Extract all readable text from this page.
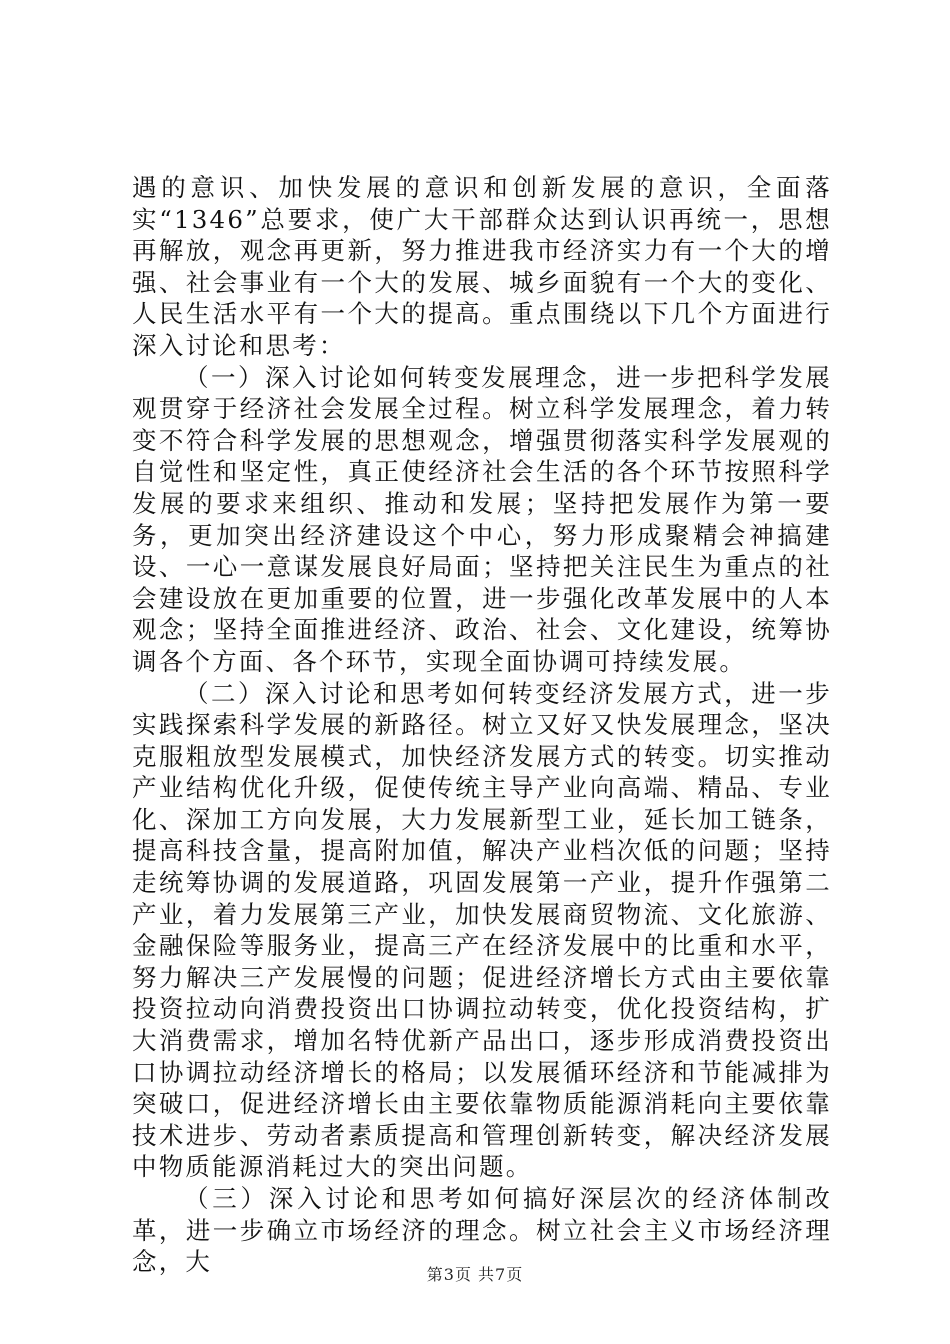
遇的意识、加快发展的意识和创新发展的意识，全面落实“1346”总要求，使广大干部群众达到认识再统一，思想再解放，观念再更新，努力推进我市经济实力有一个大的增强、社会事业有一个大的发展、城乡面貌有一个大的变化、人民生活水平有一个大的提高。重点围绕以下几个方面进行深入讨论和思考：

（一）深入讨论如何转变发展理念，进一步把科学发展观贯穿于经济社会发展全过程。树立科学发展理念，着力转变不符合科学发展的思想观念，增强贯彻落实科学发展观的自觉性和坚定性，真正使经济社会生活的各个环节按照科学发展的要求来组织、推动和发展；坚持把发展作为第一要务，更加突出经济建设这个中心，努力形成聚精会神搞建设、一心一意谋发展良好局面；坚持把关注民生为重点的社会建设放在更加重要的位置，进一步强化改革发展中的人本观念；坚持全面推进经济、政治、社会、文化建设，统筹协调各个方面、各个环节，实现全面协调可持续发展。

（二）深入讨论和思考如何转变经济发展方式，进一步实践探索科学发展的新路径。树立又好又快发展理念，坚决克服粗放型发展模式，加快经济发展方式的转变。切实推动产业结构优化升级，促使传统主导产业向高端、精品、专业化、深加工方向发展，大力发展新型工业，延长加工链条，提高科技含量，提高附加值，解决产业档次低的问题；坚持走统筹协调的发展道路，巩固发展第一产业，提升作强第二产业，着力发展第三产业，加快发展商贸物流、文化旅游、金融保险等服务业，提高三产在经济发展中的比重和水平，努力解决三产发展慢的问题；促进经济增长方式由主要依靠投资拉动向消费投资出口协调拉动转变，优化投资结构，扩大消费需求，增加名特优新产品出口，逐步形成消费投资出口协调拉动经济增长的格局；以发展循环经济和节能减排为突破口，促进经济增长由主要依靠物质能源消耗向主要依靠技术进步、劳动者素质提高和管理创新转变，解决经济发展中物质能源消耗过大的突出问题。

（三）深入讨论和思考如何搞好深层次的经济体制改革，进一步确立市场经济的理念。树立社会主义市场经济理念，大	第3页 共7页
